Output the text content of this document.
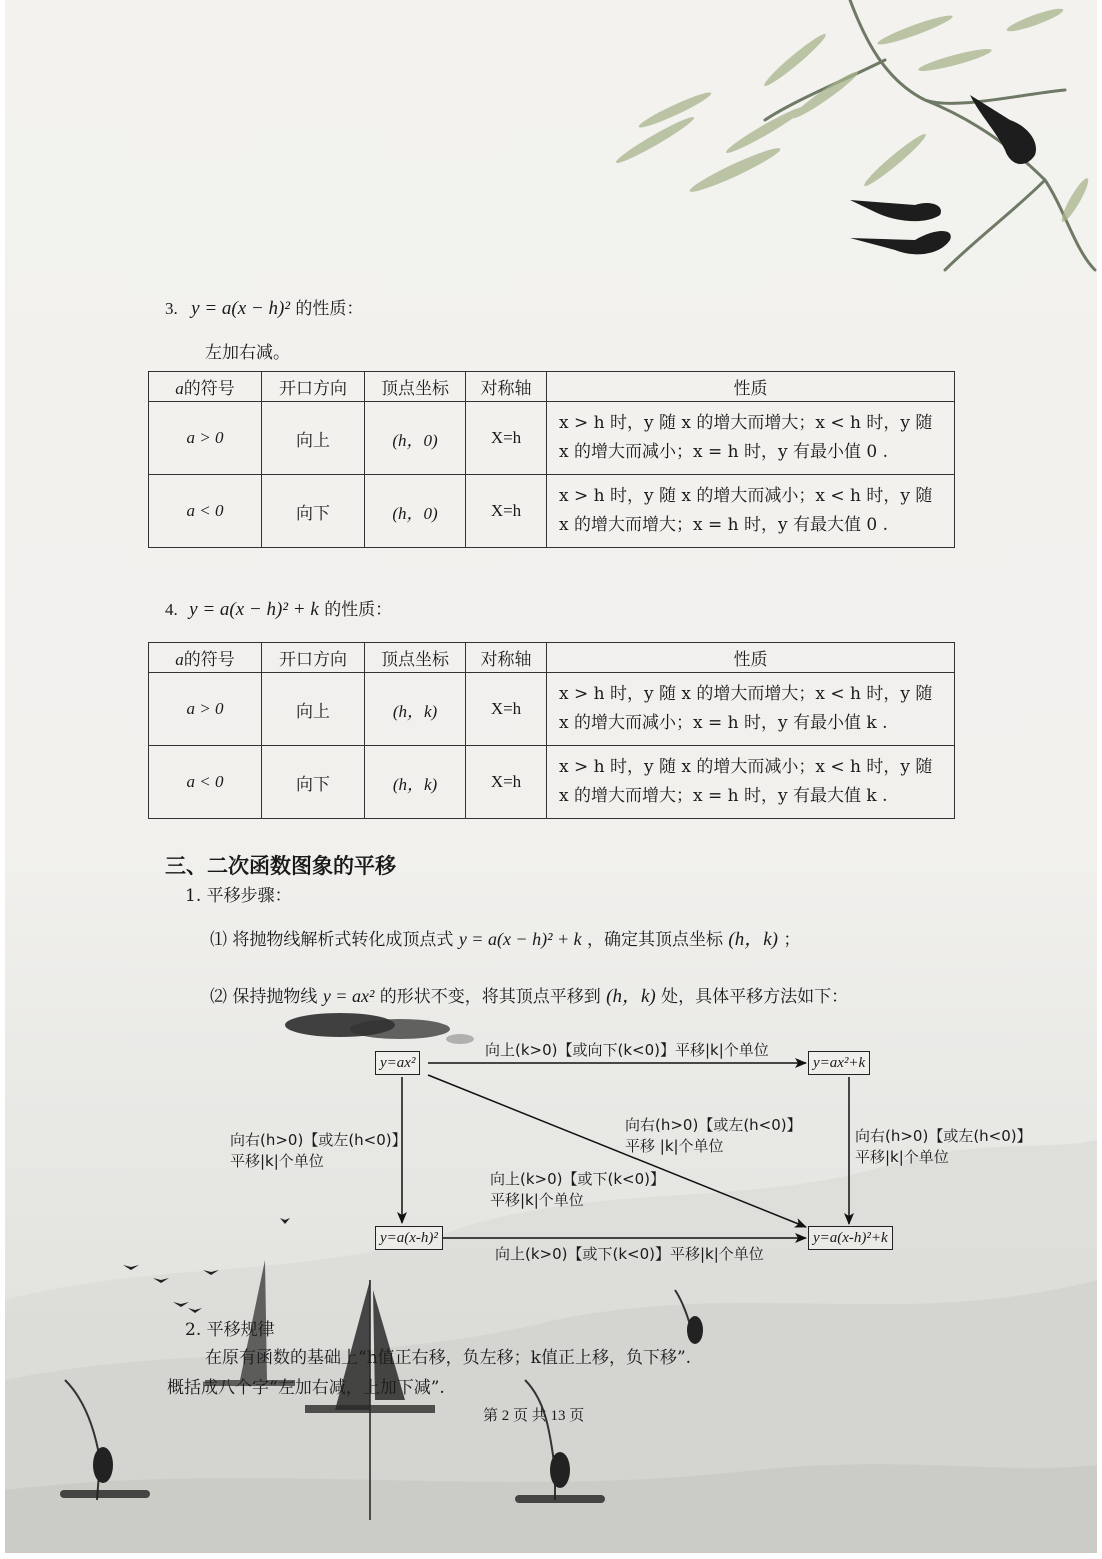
3. y = a(x − h)² 的性质：
左加右减。
a的符号	开口方向	顶点坐标	对称轴	性质
a > 0	向上	(h，0)	X=h	x > h 时，y 随 x 的增大而增大；x < h 时，y 随
x 的增大而减小；x = h 时，y 有最小值 0 .

a < 0	向下	(h，0)	X=h	x > h 时，y 随 x 的增大而减小；x < h 时，y 随
x 的增大而增大；x = h 时，y 有最大值 0 .
4. y = a(x − h)² + k 的性质：
a的符号	开口方向	顶点坐标	对称轴	性质
a > 0	向上	(h，k)	X=h	x > h 时，y 随 x 的增大而增大；x < h 时，y 随
x 的增大而减小；x = h 时，y 有最小值 k .

a < 0	向下	(h，k)	X=h	x > h 时，y 随 x 的增大而减小；x < h 时，y 随
x 的增大而增大；x = h 时，y 有最大值 k .
三、二次函数图象的平移
1. 平移步骤：
⑴ 将抛物线解析式转化成顶点式 y = a(x − h)² + k ，确定其顶点坐标 (h，k) ；
⑵ 保持抛物线 y = ax² 的形状不变，将其顶点平移到 (h，k) 处，具体平移方法如下：
y=ax²	y=ax²+k
y=a(x-h)²	y=a(x-h)²+k
向上(k>0)【或向下(k<0)】平移|k|个单位
向右(h>0)【或左(h<0)】
平移|k|个单位
向右(h>0)【或左(h<0)】
平移 |k|个单位
向上(k>0)【或下(k<0)】
平移|k|个单位
向右(h>0)【或左(h<0)】
平移|k|个单位
向上(k>0)【或下(k<0)】平移|k|个单位
2. 平移规律
在原有函数的基础上“h值正右移，负左移；k值正上移，负下移”.
概括成八个字“左加右减，上加下减”.
第 2 页 共 13 页
